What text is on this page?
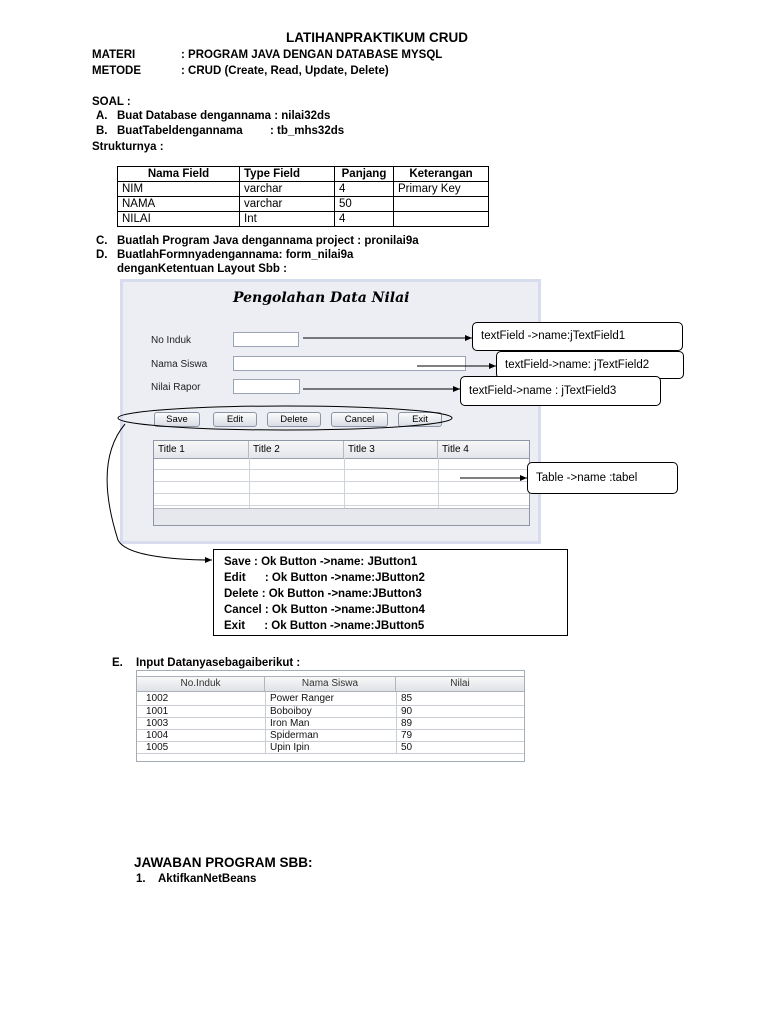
LATIHANPRAKTIKUM CRUD
MATERI	: PROGRAM JAVA DENGAN DATABASE MYSQL
METODE	: CRUD (Create, Read, Update, Delete)
SOAL :
A. Buat Database dengannama : nilai32ds
B. BuatTabeldengannama : tb_mhs32ds
Strukturnya :
Nama Field	Type Field	Panjang	Keterangan
NIM	varchar	4	Primary Key
NAMA	varchar	50	
NILAI	Int	4	
C. Buatlah Program Java dengannama project : pronilai9a
D. BuatlahFormnyadengannama: form_nilai9a
denganKetentuan Layout Sbb :
Pengolahan Data Nilai
No Induk
Nama Siswa
Nilai Rapor
Save	Edit	Delete	Cancel	Exit
Title 1	Title 2	Title 3	Title 4
textField ->name:jTextField1
textField->name: jTextField2
textField->name : jTextField3
Table ->name :tabel
Save : Ok Button ->name: JButton1
Edit      : Ok Button ->name:JButton2
Delete : Ok Button ->name:JButton3
Cancel : Ok Button ->name:JButton4
Exit      : Ok Button ->name:JButton5
E. Input Datanyasebagaiberikut :
No.Induk	Nama Siswa	Nilai
1002	Power Ranger	85
1001	Boboiboy	90
1003	Iron Man	89
1004	Spiderman	79
1005	Upin Ipin	50
JAWABAN PROGRAM SBB:
1. AktifkanNetBeans
